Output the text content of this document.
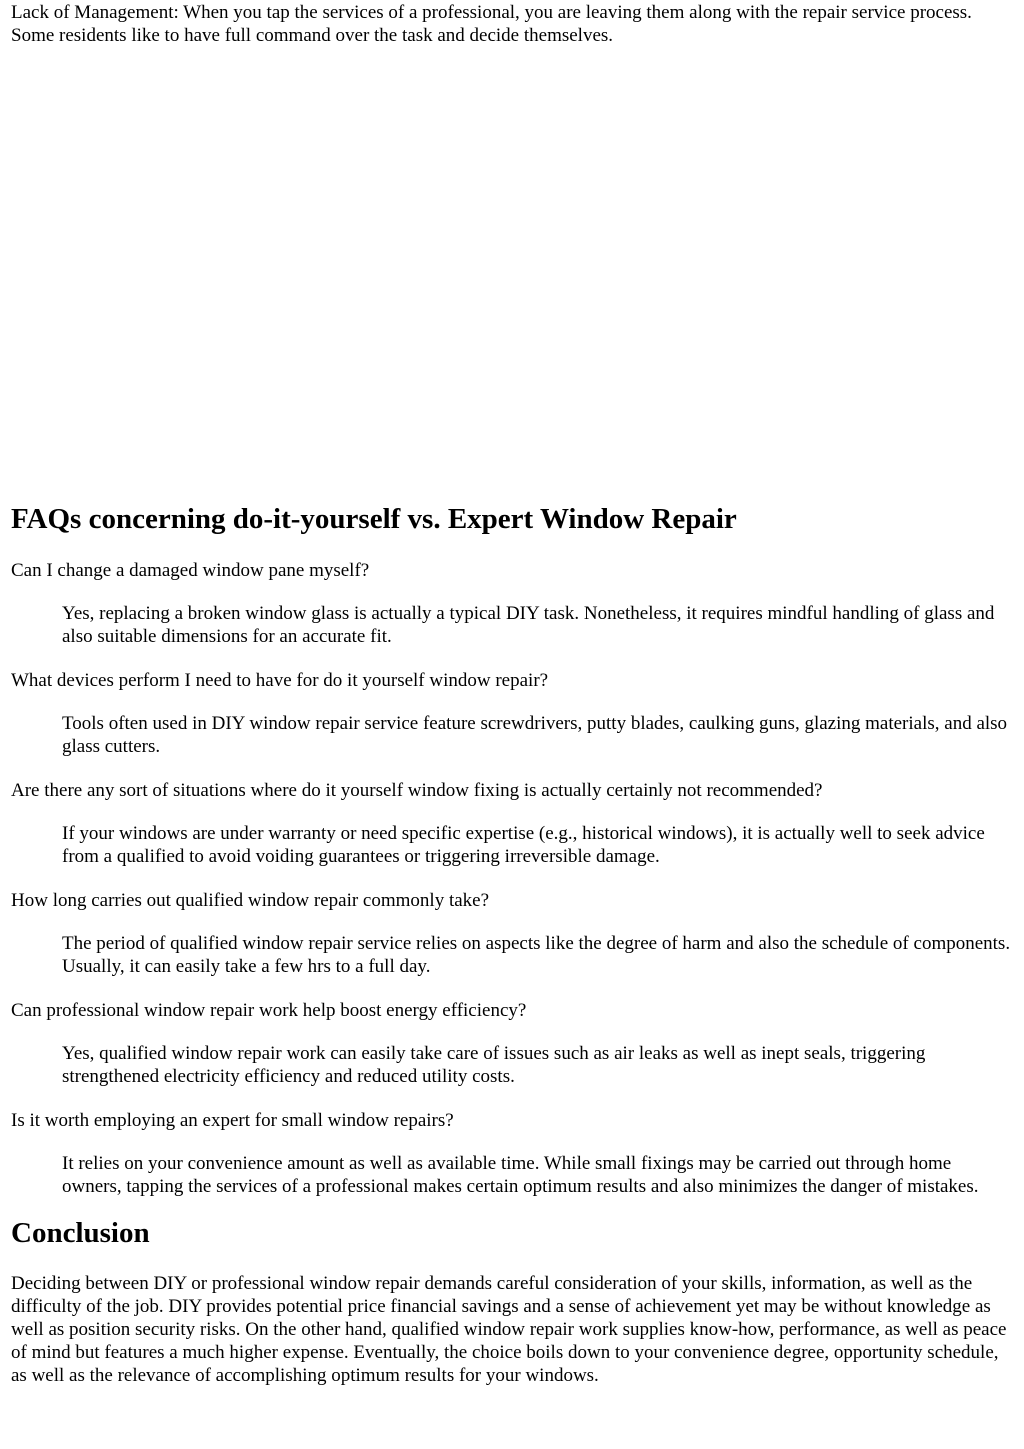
Lack of Management: When you tap the services of a professional, you are leaving them along with the repair service process. Some residents like to have full command over the task and decide themselves.

FAQs concerning do-it-yourself vs. Expert Window Repair
Can I change a damaged window pane myself?
Yes, replacing a broken window glass is actually a typical DIY task. Nonetheless, it requires mindful handling of glass and also suitable dimensions for an accurate fit.
What devices perform I need to have for do it yourself window repair?
Tools often used in DIY window repair service feature screwdrivers, putty blades, caulking guns, glazing materials, and also glass cutters.
Are there any sort of situations where do it yourself window fixing is actually certainly not recommended?
If your windows are under warranty or need specific expertise (e.g., historical windows), it is actually well to seek advice from a qualified to avoid voiding guarantees or triggering irreversible damage.
How long carries out qualified window repair commonly take?
The period of qualified window repair service relies on aspects like the degree of harm and also the schedule of components. Usually, it can easily take a few hrs to a full day.
Can professional window repair work help boost energy efficiency?
Yes, qualified window repair work can easily take care of issues such as air leaks as well as inept seals, triggering strengthened electricity efficiency and reduced utility costs.
Is it worth employing an expert for small window repairs?
It relies on your convenience amount as well as available time. While small fixings may be carried out through home owners, tapping the services of a professional makes certain optimum results and also minimizes the danger of mistakes.
Conclusion

Deciding between DIY or professional window repair demands careful consideration of your skills, information, as well as the difficulty of the job. DIY provides potential price financial savings and a sense of achievement yet may be without knowledge as well as position security risks. On the other hand, qualified window repair work supplies know-how, performance, as well as peace of mind but features a much higher expense. Eventually, the choice boils down to your convenience degree, opportunity schedule, as well as the relevance of accomplishing optimum results for your windows.
